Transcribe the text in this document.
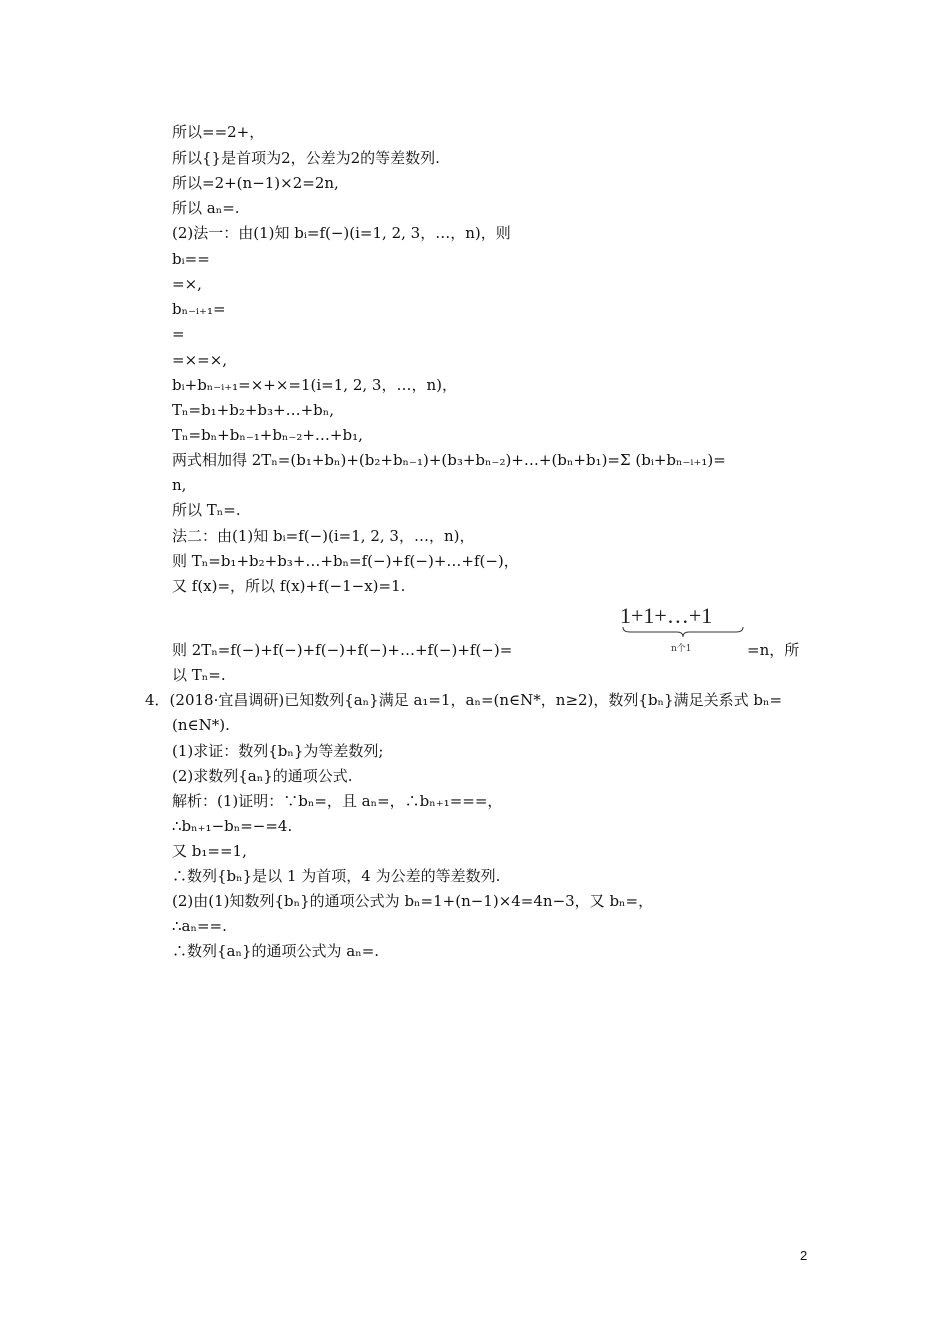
所以==2+，
所以{}是首项为2，公差为2的等差数列.
所以=2+(n−1)×2=2n,
所以 aₙ=.
(2)法一：由(1)知 bᵢ=f(−)(i=1, 2, 3，…，n)，则
bᵢ==
=×,
bₙ₋ᵢ₊₁=
=
=×=×,
bᵢ+bₙ₋ᵢ₊₁=×+×=1(i=1, 2, 3，…，n)，
Tₙ=b₁+b₂+b₃+…+bₙ,
Tₙ=bₙ+bₙ₋₁+bₙ₋₂+…+b₁,
两式相加得 2Tₙ=(b₁+bₙ)+(b₂+bₙ₋₁)+(b₃+bₙ₋₂)+…+(bₙ+b₁)=Σ (bᵢ+bₙ₋ᵢ₊₁)=
n,
所以 Tₙ=.
法二：由(1)知 bᵢ=f(−)(i=1, 2, 3，…，n)，
则 Tₙ=b₁+b₂+b₃+…+bₙ=f(−)+f(−)+…+f(−)，
又 f(x)=，所以 f(x)+f(−1−x)=1.
1+1+…+1
n个1
则 2Tₙ=f(−)+f(−)+f(−)+f(−)+…+f(−)+f(−)=	=n，所
以 Tₙ=.
4．(2018·宜昌调研)已知数列{aₙ}满足 a₁=1，aₙ=(n∈N*，n≥2)，数列{bₙ}满足关系式 bₙ=
(n∈N*).
(1)求证：数列{bₙ}为等差数列;
(2)求数列{aₙ}的通项公式.
解析：(1)证明：∵bₙ=，且 aₙ=，∴bₙ₊₁===，
∴bₙ₊₁−bₙ=−=4.
又 b₁==1,
∴数列{bₙ}是以 1 为首项，4 为公差的等差数列.
(2)由(1)知数列{bₙ}的通项公式为 bₙ=1+(n−1)×4=4n−3，又 bₙ=，
∴aₙ==.
∴数列{aₙ}的通项公式为 aₙ=.
2
